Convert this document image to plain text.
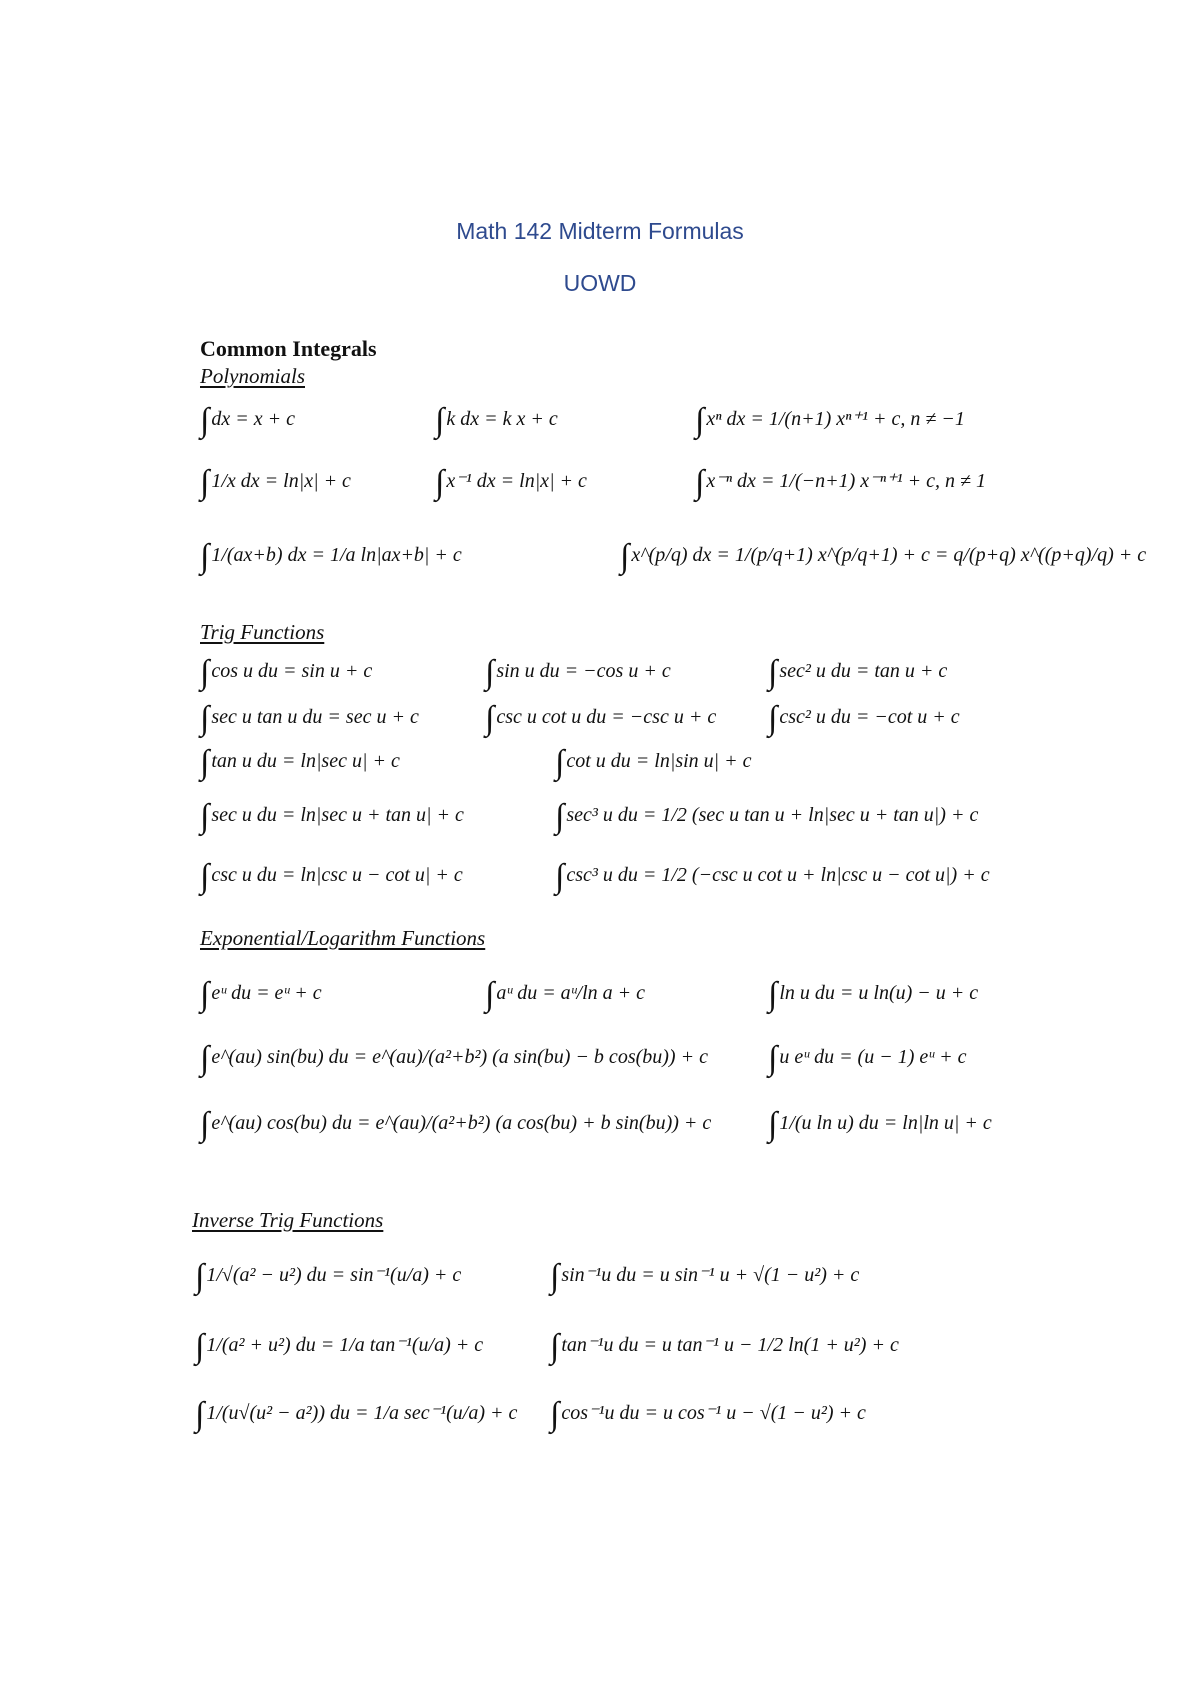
Math 142 Midterm Formulas
UOWD
Common Integrals
Polynomials
∫ dx = x + c	∫ k dx = k x + c	∫ xⁿ dx = 1/(n+1) xⁿ⁺¹ + c, n ≠ −1
∫ 1/x dx = ln|x| + c ∫ x⁻¹ dx = ln|x| + c	∫ x⁻ⁿ dx = 1/(−n+1) x⁻ⁿ⁺¹ + c, n ≠ 1
∫ 1/(ax+b) dx = 1/a ln|ax+b| + c	∫ x^(p/q) dx = 1/(p/q+1) x^(p/q+1) + c = q/(p+q) x^((p+q)/q) + c
Trig Functions
∫ cos u du = sin u + c	∫ sin u du = −cos u + c	∫ sec² u du = tan u + c
∫ sec u tan u du = sec u + c ∫ csc u cot u du = −csc u + c ∫ csc² u du = −cot u + c
∫ tan u du = ln|sec u| + c	∫ cot u du = ln|sin u| + c
∫ sec u du = ln|sec u + tan u| + c	∫ sec³ u du = 1/2 (sec u tan u + ln|sec u + tan u|) + c
∫ csc u du = ln|csc u − cot u| + c	∫ csc³ u du = 1/2 (−csc u cot u + ln|csc u − cot u|) + c
Exponential/Logarithm Functions
∫ eᵘ du = eᵘ + c	∫ aᵘ du = aᵘ/ln a + c	∫ ln u du = u ln(u) − u + c
∫ e^(au) sin(bu) du = e^(au)/(a²+b²) (a sin(bu) − b cos(bu)) + c ∫ u eᵘ du = (u − 1) eᵘ + c
∫ e^(au) cos(bu) du = e^(au)/(a²+b²) (a cos(bu) + b sin(bu)) + c ∫ 1/(u ln u) du = ln|ln u| + c
Inverse Trig Functions
∫ 1/√(a² − u²) du = sin⁻¹(u/a) + c	∫ sin⁻¹u du = u sin⁻¹ u + √(1 − u²) + c
∫ 1/(a² + u²) du = 1/a tan⁻¹(u/a) + c ∫ tan⁻¹u du = u tan⁻¹ u − 1/2 ln(1 + u²) + c
∫ 1/(u√(u² − a²)) du = 1/a sec⁻¹(u/a) + c ∫ cos⁻¹u du = u cos⁻¹ u − √(1 − u²) + c
